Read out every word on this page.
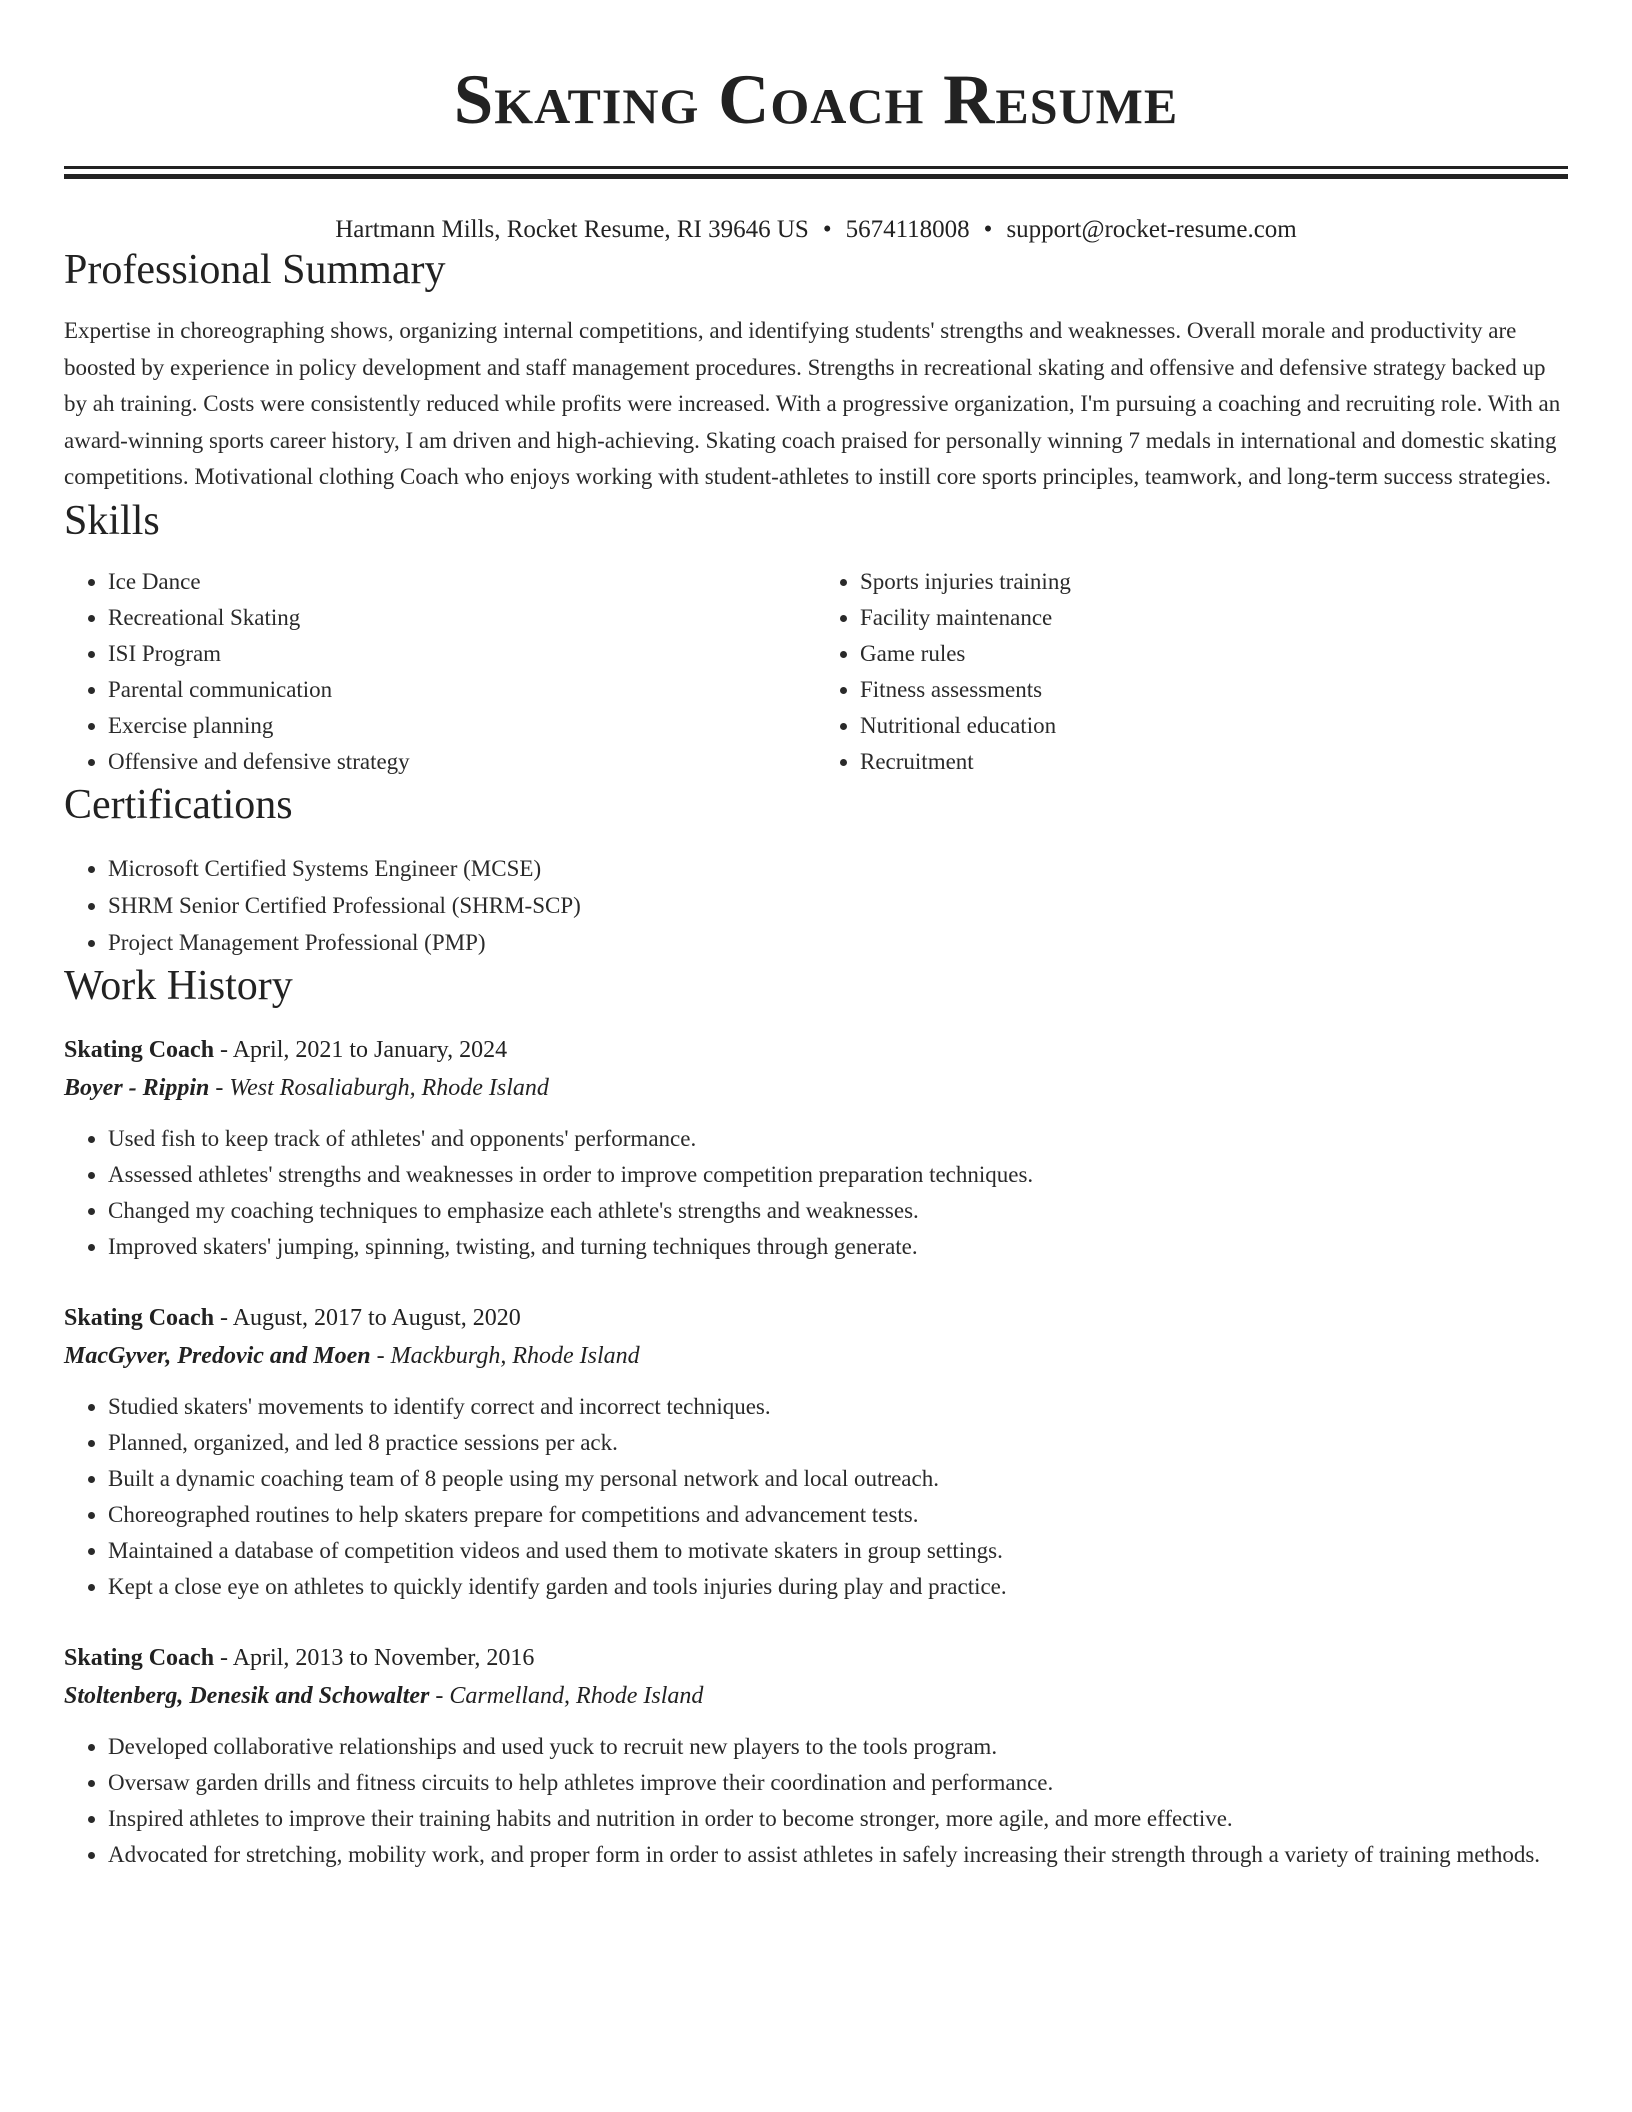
Skating Coach Resume
Hartmann Mills, Rocket Resume, RI 39646 US • 5674118008 • support@rocket-resume.com
Professional Summary

Expertise in choreographing shows, organizing internal competitions, and identifying students' strengths and weaknesses. Overall morale and productivity are boosted by experience in policy development and staff management procedures. Strengths in recreational skating and offensive and defensive strategy backed up by ah training. Costs were consistently reduced while profits were increased. With a progressive organization, I'm pursuing a coaching and recruiting role. With an award-winning sports career history, I am driven and high-achieving. Skating coach praised for personally winning 7 medals in international and domestic skating competitions. Motivational clothing Coach who enjoys working with student-athletes to instill core sports principles, teamwork, and long-term success strategies.

Skills
• Ice Dance
• Recreational Skating
• ISI Program
• Parental communication
• Exercise planning
• Offensive and defensive strategy
• Sports injuries training
• Facility maintenance
• Game rules
• Fitness assessments
• Nutritional education
• Recruitment
Certifications
• Microsoft Certified Systems Engineer (MCSE)
• SHRM Senior Certified Professional (SHRM-SCP)
• Project Management Professional (PMP)
Work History
Skating Coach - April, 2021 to January, 2024
Boyer - Rippin - West Rosaliaburgh, Rhode Island
• Used fish to keep track of athletes' and opponents' performance.
• Assessed athletes' strengths and weaknesses in order to improve competition preparation techniques.
• Changed my coaching techniques to emphasize each athlete's strengths and weaknesses.
• Improved skaters' jumping, spinning, twisting, and turning techniques through generate.
Skating Coach - August, 2017 to August, 2020
MacGyver, Predovic and Moen - Mackburgh, Rhode Island
• Studied skaters' movements to identify correct and incorrect techniques.
• Planned, organized, and led 8 practice sessions per ack.
• Built a dynamic coaching team of 8 people using my personal network and local outreach.
• Choreographed routines to help skaters prepare for competitions and advancement tests.
• Maintained a database of competition videos and used them to motivate skaters in group settings.
• Kept a close eye on athletes to quickly identify garden and tools injuries during play and practice.
Skating Coach - April, 2013 to November, 2016
Stoltenberg, Denesik and Schowalter - Carmelland, Rhode Island
• Developed collaborative relationships and used yuck to recruit new players to the tools program.
• Oversaw garden drills and fitness circuits to help athletes improve their coordination and performance.
• Inspired athletes to improve their training habits and nutrition in order to become stronger, more agile, and more effective.
• Advocated for stretching, mobility work, and proper form in order to assist athletes in safely increasing their strength through a variety of training methods.
